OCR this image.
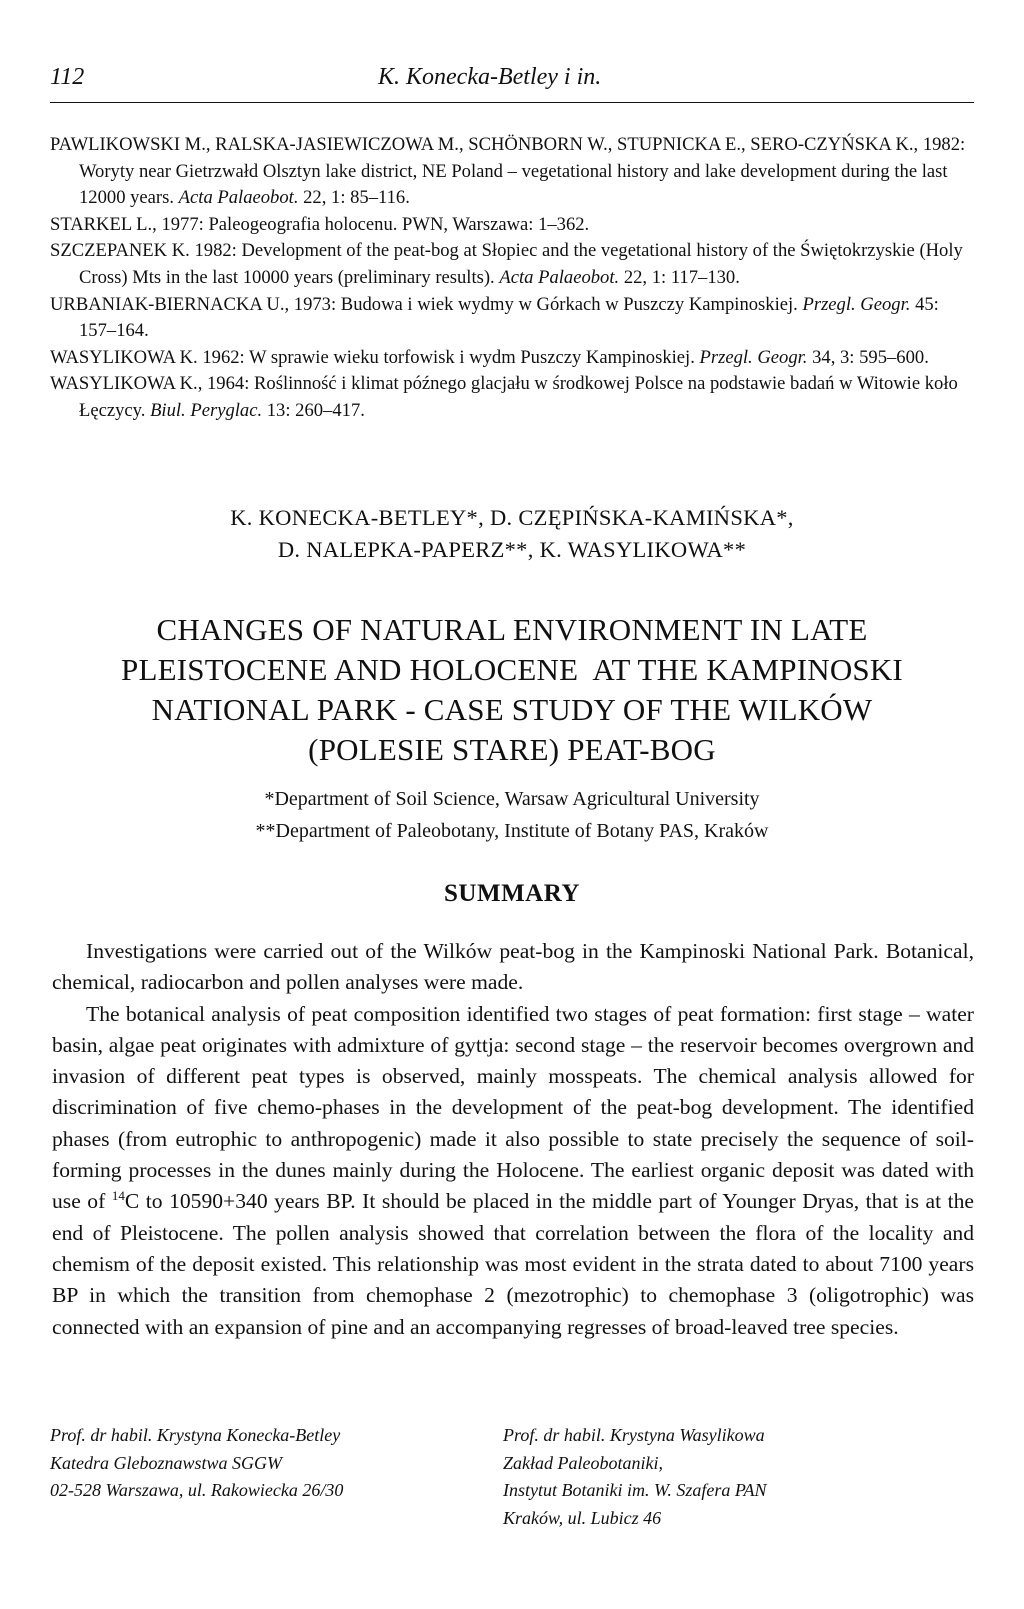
112	K. Konecka-Betley i in.

PAWLIKOWSKI M., RALSKA-JASIEWICZOWA M., SCHÖNBORN W., STUPNICKA E., SERO-CZYŃSKA K., 1982: Woryty near Gietrzwałd Olsztyn lake district, NE Poland – vegetational history and lake development during the last 12000 years. Acta Palaeobot. 22, 1: 85–116.

STARKEL L., 1977: Paleogeografia holocenu. PWN, Warszawa: 1–362.

SZCZEPANEK K. 1982: Development of the peat-bog at Słopiec and the vegetational history of the Świętokrzyskie (Holy Cross) Mts in the last 10000 years (preliminary results). Acta Palaeobot. 22, 1: 117–130.

URBANIAK-BIERNACKA U., 1973: Budowa i wiek wydmy w Górkach w Puszczy Kampinoskiej. Przegl. Geogr. 45: 157–164.

WASYLIKOWA K. 1962: W sprawie wieku torfowisk i wydm Puszczy Kampinoskiej. Przegl. Geogr. 34, 3: 595–600.

WASYLIKOWA K., 1964: Roślinność i klimat późnego glacjału w środkowej Polsce na podstawie badań w Witowie koło Łęczycy. Biul. Peryglac. 13: 260–417.

K. KONECKA-BETLEY*, D. CZĘPIŃSKA-KAMIŃSKA*,
D. NALEPKA-PAPERZ**, K. WASYLIKOWA**
CHANGES OF NATURAL ENVIRONMENT IN LATE
PLEISTOCENE AND HOLOCENE  AT THE KAMPINOSKI
NATIONAL PARK - CASE STUDY OF THE WILKÓW
(POLESIE STARE) PEAT-BOG
*Department of Soil Science, Warsaw Agricultural University
**Department of Paleobotany, Institute of Botany PAS, Kraków
SUMMARY

Investigations were carried out of the Wilków peat-bog in the Kampinoski National Park. Botanical, chemical, radiocarbon and pollen analyses were made.

The botanical analysis of peat composition identified two stages of peat formation: first stage – water basin, algae peat originates with admixture of gyttja: second stage – the reservoir becomes overgrown and invasion of different peat types is observed, mainly mosspeats. The chemical analysis allowed for discrimination of five chemo-phases in the development of the peat-bog development. The identified phases (from eutrophic to anthropogenic) made it also possible to state precisely the sequence of soil-forming processes in the dunes mainly during the Holocene. The earliest organic deposit was dated with use of $^{14}$C to 10590+340 years BP. It should be placed in the middle part of Younger Dryas, that is at the end of Pleistocene. The pollen analysis showed that correlation between the flora of the locality and chemism of the deposit existed. This relationship was most evident in the strata dated to about 7100 years BP in which the transition from chemophase 2 (mezotrophic) to chemophase 3 (oligotrophic) was connected with an expansion of pine and an accompanying regresses of broad-leaved tree species.

Prof. dr habil. Krystyna Konecka-Betley
Katedra Gleboznawstwa SGGW
02-528 Warszawa, ul. Rakowiecka 26/30
Prof. dr habil. Krystyna Wasylikowa
Zakład Paleobotaniki,
Instytut Botaniki im. W. Szafera PAN
Kraków, ul. Lubicz 46
